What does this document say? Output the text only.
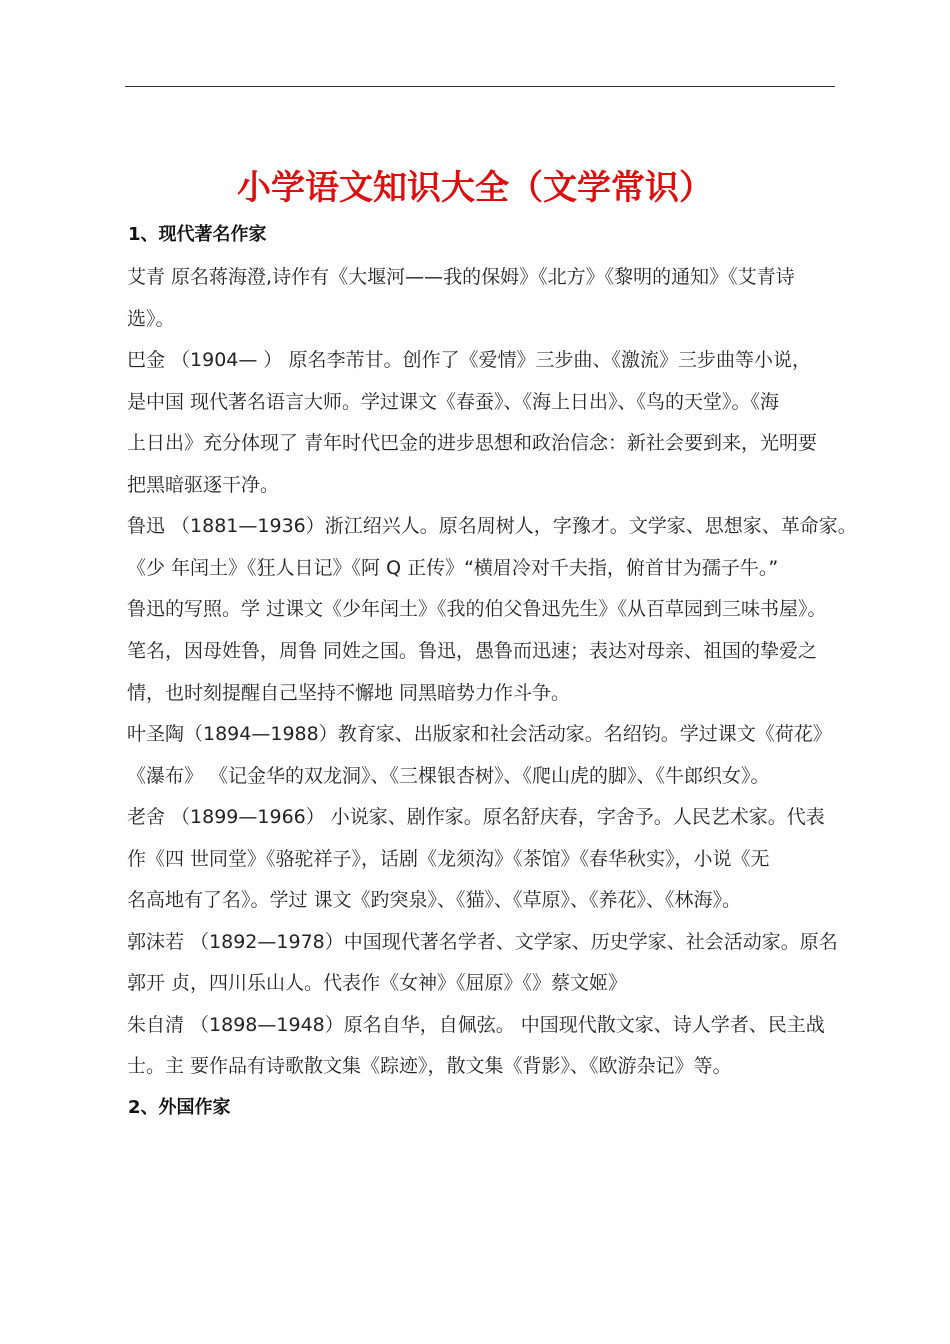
小学语文知识大全（文学常识）
1、现代著名作家
艾青 原名蒋海澄,诗作有《大堰河——我的保姆》《北方》《黎明的通知》《艾青诗
选》。
巴金 （1904— ） 原名李芾甘。创作了《爱情》三步曲、《激流》三步曲等小说，
是中国 现代著名语言大师。学过课文《春蚕》、《海上日出》、《鸟的天堂》。《海
上日出》充分体现了 青年时代巴金的进步思想和政治信念：新社会要到来，光明要
把黑暗驱逐干净。
鲁迅 （1881—1936）浙江绍兴人。原名周树人，字豫才。文学家、思想家、革命家。
《少 年闰土》《狂人日记》《阿 Q 正传》“横眉冷对千夫指，俯首甘为孺子牛。”
鲁迅的写照。学 过课文《少年闰土》《我的伯父鲁迅先生》《从百草园到三味书屋》。
笔名，因母姓鲁，周鲁 同姓之国。鲁迅，愚鲁而迅速；表达对母亲、祖国的挚爱之
情，也时刻提醒自己坚持不懈地 同黑暗势力作斗争。
叶圣陶（1894—1988）教育家、出版家和社会活动家。名绍钧。学过课文《荷花》
《瀑布》 《记金华的双龙洞》、《三棵银杏树》、《爬山虎的脚》、《牛郎织女》。
老舍 （1899—1966） 小说家、剧作家。原名舒庆春，字舍予。人民艺术家。代表
作《四 世同堂》《骆驼祥子》，话剧《龙须沟》《茶馆》《春华秋实》，小说《无
名高地有了名》。学过 课文《趵突泉》、《猫》、《草原》、《养花》、《林海》。
郭沫若 （1892—1978）中国现代著名学者、文学家、历史学家、社会活动家。原名
郭开 贞，四川乐山人。代表作《女神》《屈原》《》蔡文姬》
朱自清 （1898—1948）原名自华，自佩弦。 中国现代散文家、诗人学者、民主战
士。主 要作品有诗歌散文集《踪迹》，散文集《背影》、《欧游杂记》等。
2、外国作家
